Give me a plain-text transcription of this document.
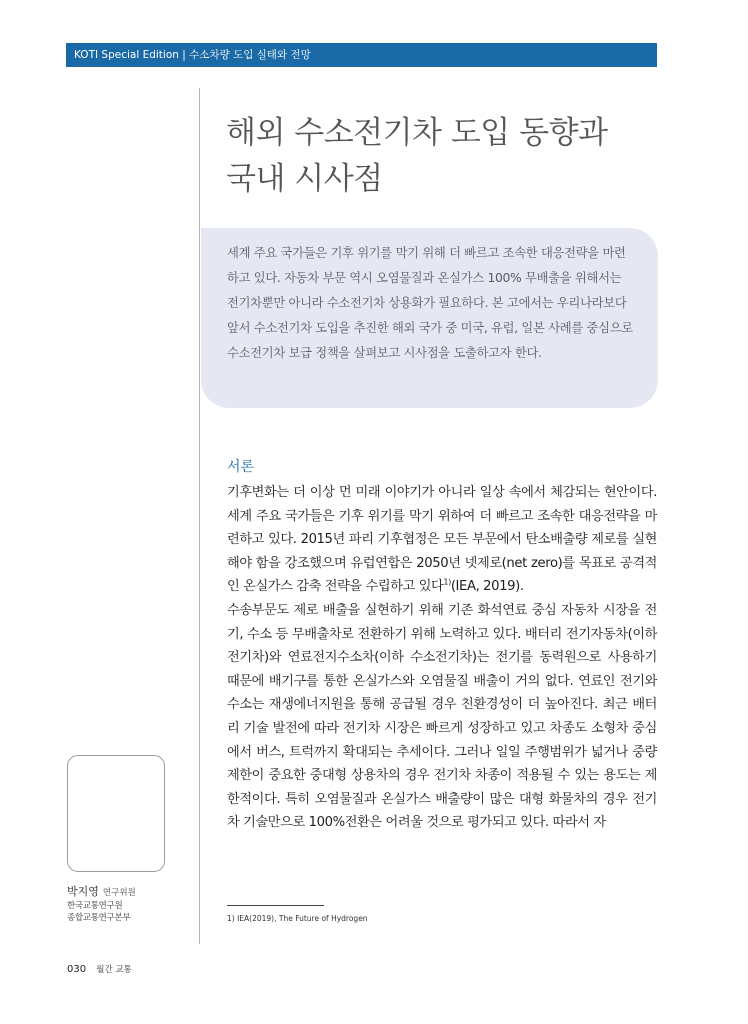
KOTI Special Edition | 수소차량 도입 실태와 전망
해외 수소전기차 도입 동향과
국내 시사점
세계 주요 국가들은 기후 위기를 막기 위해 더 빠르고 조속한 대응전략을 마련하고 있다. 자동차 부문 역시 오염물질과 온실가스 100% 무배출을 위해서는 전기차뿐만 아니라 수소전기차 상용화가 필요하다. 본 고에서는 우리나라보다 앞서 수소전기차 도입을 추진한 해외 국가 중 미국, 유럽, 일본 사례를 중심으로 수소전기차 보급 정책을 살펴보고 시사점을 도출하고자 한다.
서론

기후변화는 더 이상 먼 미래 이야기가 아니라 일상 속에서 체감되는 현안이다. 세계 주요 국가들은 기후 위기를 막기 위하여 더 빠르고 조속한 대응전략을 마련하고 있다. 2015년 파리 기후협정은 모든 부문에서 탄소배출량 제로를 실현해야 함을 강조했으며 유럽연합은 2050년 넷제로(net zero)를 목표로 공격적인 온실가스 감축 전략을 수립하고 있다$^{1)}$(IEA, 2019).

수송부문도 제로 배출을 실현하기 위해 기존 화석연료 중심 자동차 시장을 전기, 수소 등 무배출차로 전환하기 위해 노력하고 있다. 배터리 전기자동차(이하 전기차)와 연료전지수소차(이하 수소전기차)는 전기를 동력원으로 사용하기 때문에 배기구를 통한 온실가스와 오염물질 배출이 거의 없다. 연료인 전기와 수소는 재생에너지원을 통해 공급될 경우 친환경성이 더 높아진다. 최근 배터리 기술 발전에 따라 전기차 시장은 빠르게 성장하고 있고 차종도 소형차 중심에서 버스, 트럭까지 확대되는 추세이다. 그러나 일일 주행범위가 넓거나 중량 제한이 중요한 중대형 상용차의 경우 전기차 차종이 적용될 수 있는 용도는 제한적이다. 특히 오염물질과 온실가스 배출량이 많은 대형 화물차의 경우 전기차 기술만으로 100%전환은 어려울 것으로 평가되고 있다. 따라서 자

박지영 연구위원
한국교통연구원
종합교통연구본부	1) IEA(2019), The Future of Hydrogen
030 월간 교통
